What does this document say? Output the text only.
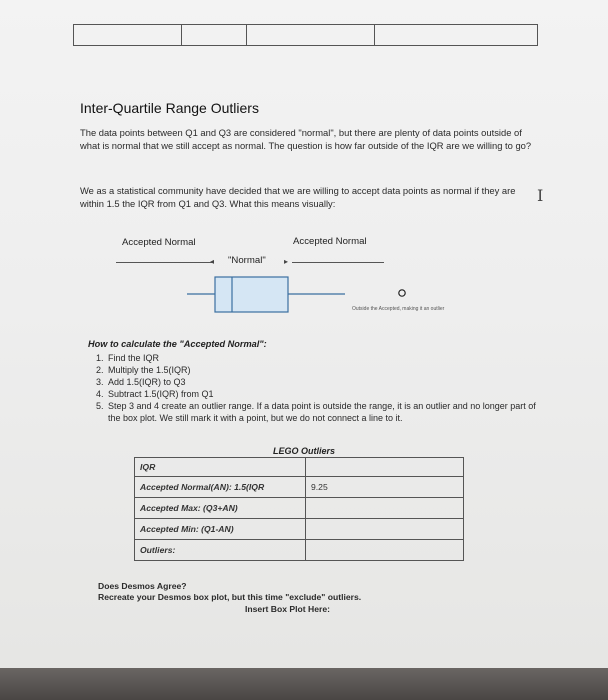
Inter-Quartile Range Outliers
The data points between Q1 and Q3 are considered "normal", but there are plenty of data points outside of what is normal that we still accept as normal. The question is how far outside of the IQR are we willing to go?
We as a statistical community have decided that we are willing to accept data points as normal if they are within 1.5 the IQR from Q1 and Q3. What this means visually:	I
Accepted Normal	Accepted Normal
◂ "Normal" ▸
Outside the Accepted, making it an outlier
How to calculate the "Accepted Normal":
1. Find the IQR
2. Multiply the 1.5(IQR)
3. Add 1.5(IQR) to Q3
4. Subtract 1.5(IQR) from Q1
5. Step 3 and 4 create an outlier range. If a data point is outside the range, it is an outlier and no longer part of the box plot. We still mark it with a point, but we do not connect a line to it.
LEGO Outliers
IQR	
Accepted Normal(AN): 1.5(IQR	9.25
Accepted Max: (Q3+AN)	
Accepted Min: (Q1-AN)	
Outliers:	
Does Desmos Agree?
Recreate your Desmos box plot, but this time "exclude" outliers.
Insert Box Plot Here:
